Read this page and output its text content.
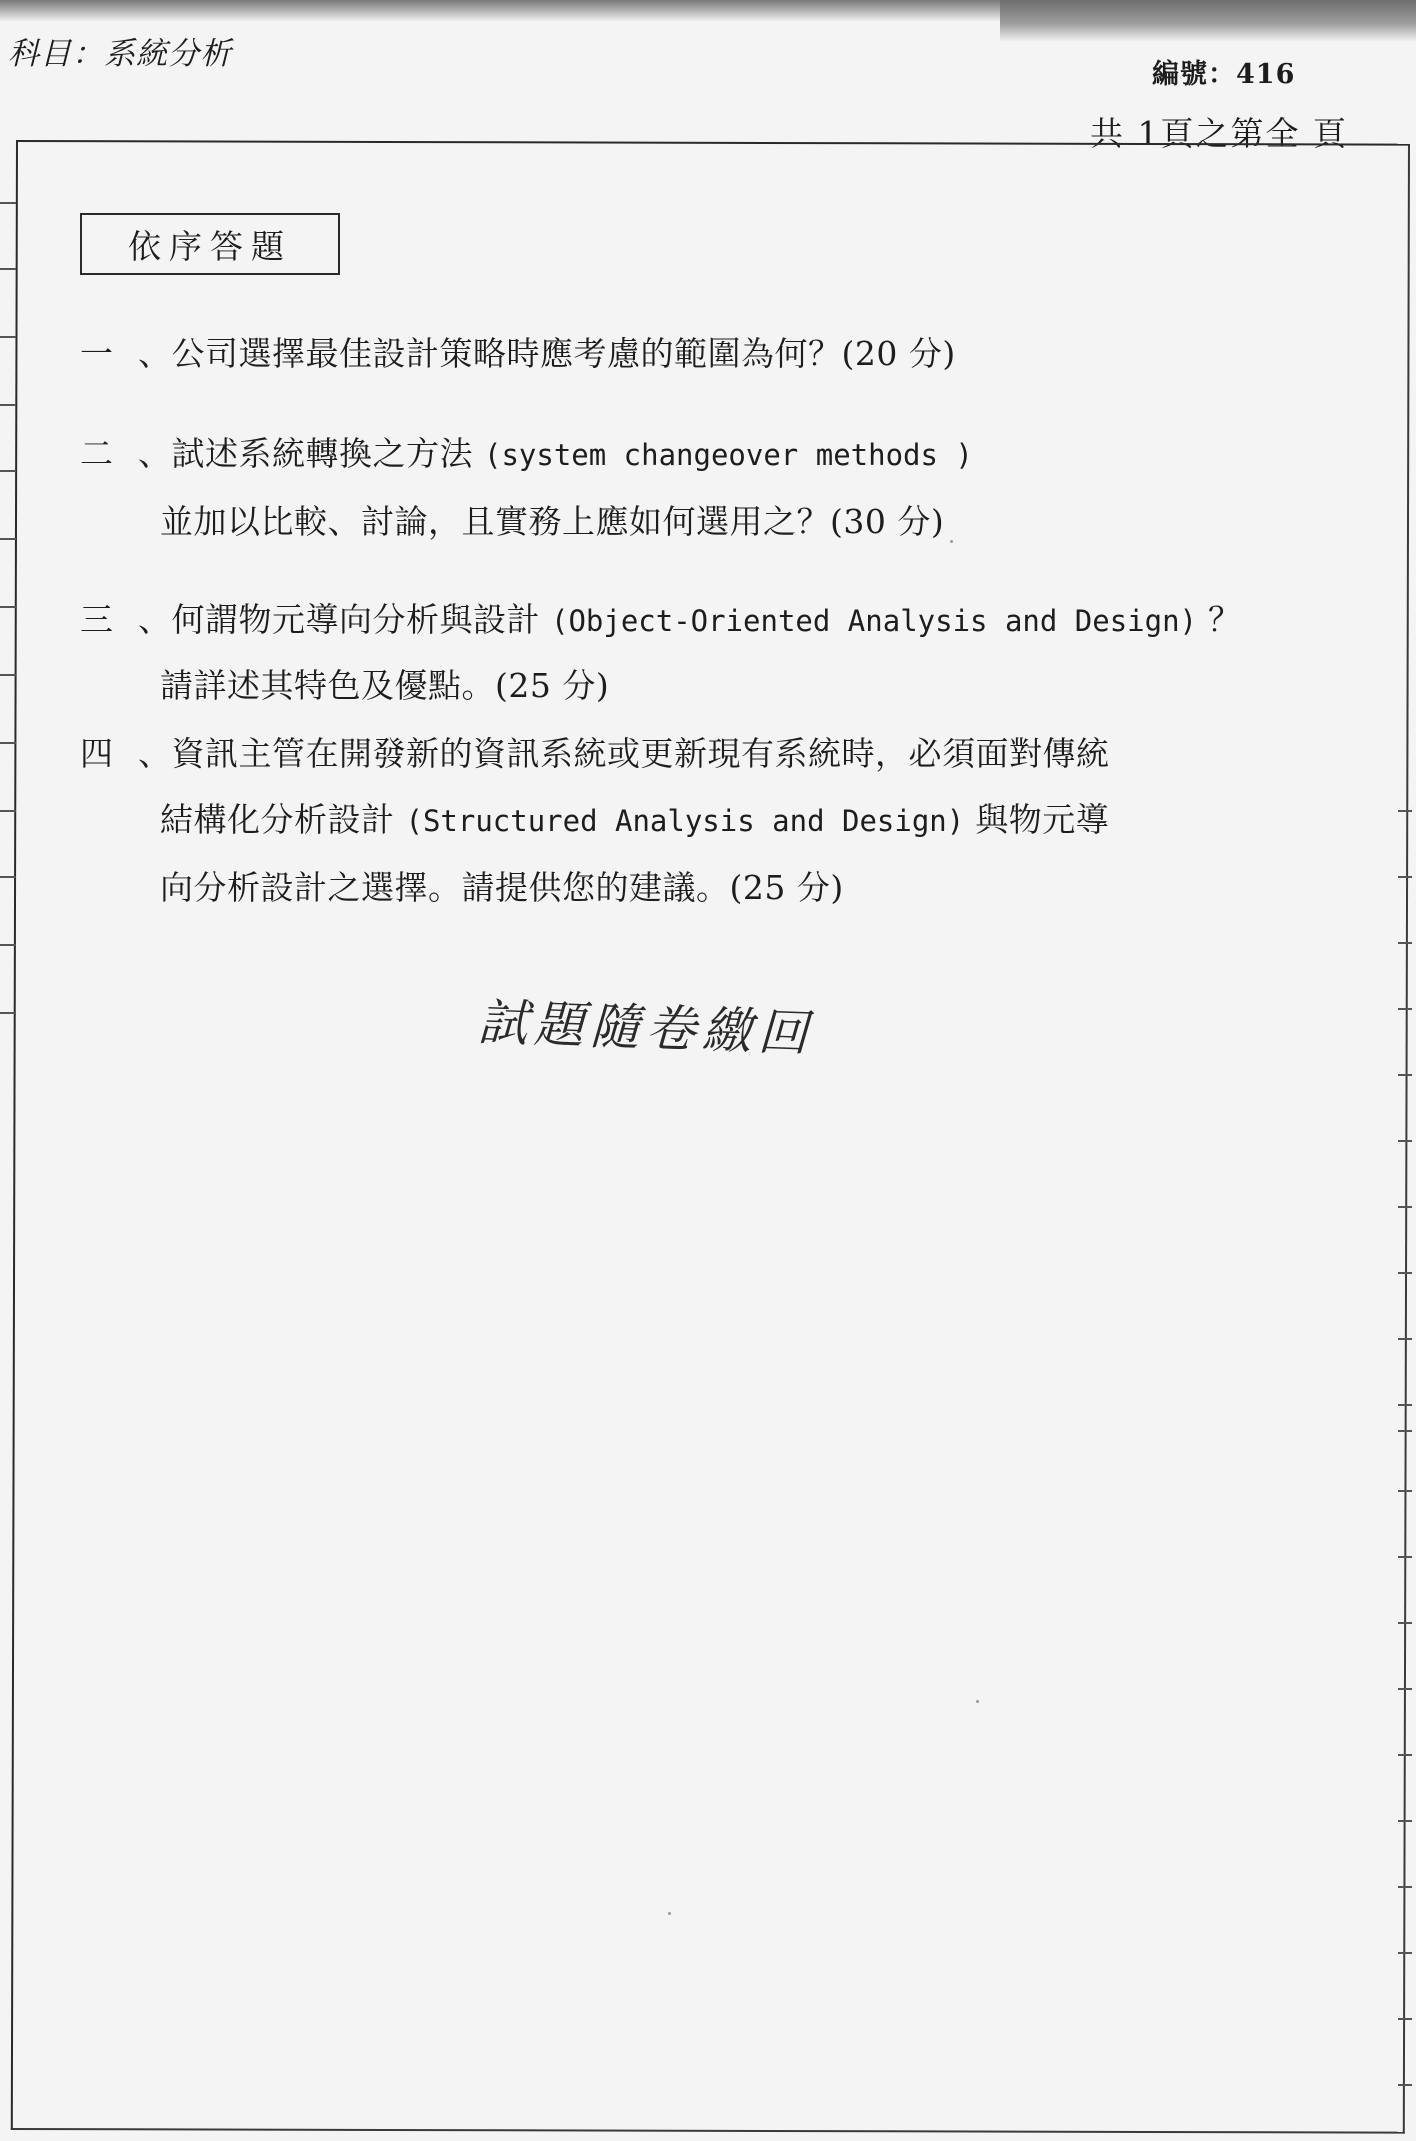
科目：系統分析
編號：416
共 1頁之第全 頁
依序答題
一 、公司選擇最佳設計策略時應考慮的範圍為何？(20 分)
二 、試述系統轉換之方法 (system changeover methods )
並加以比較、討論，且實務上應如何選用之？(30 分)
三 、何謂物元導向分析與設計 (Object-Oriented Analysis and Design) ？
請詳述其特色及優點。(25 分)
四 、資訊主管在開發新的資訊系統或更新現有系統時，必須面對傳統
結構化分析設計 (Structured Analysis and Design) 與物元導
向分析設計之選擇。請提供您的建議。(25 分)
試題隨卷繳回
